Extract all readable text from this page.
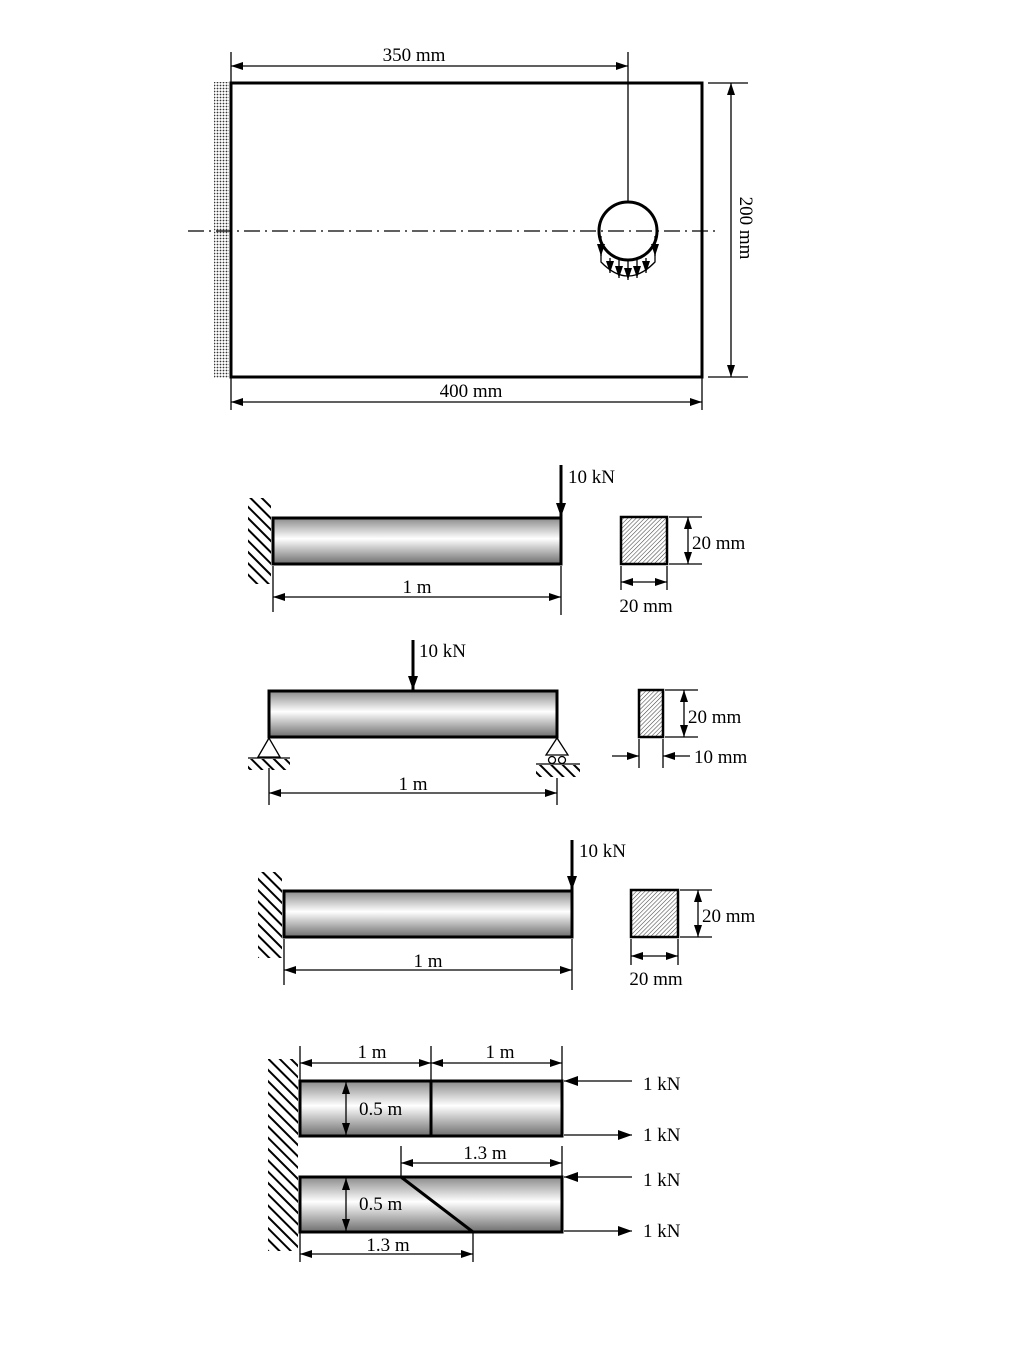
350 mm
400 mm
200 mm
10 kN
1 m
20 mm
20 mm
10 kN
1 m
20 mm
10 mm
10 kN
1 m
20 mm
20 mm
1 m	1 m
0.5 m
1 kN
1 kN
1.3 m
0.5 m
1 kN
1 kN
1.3 m
